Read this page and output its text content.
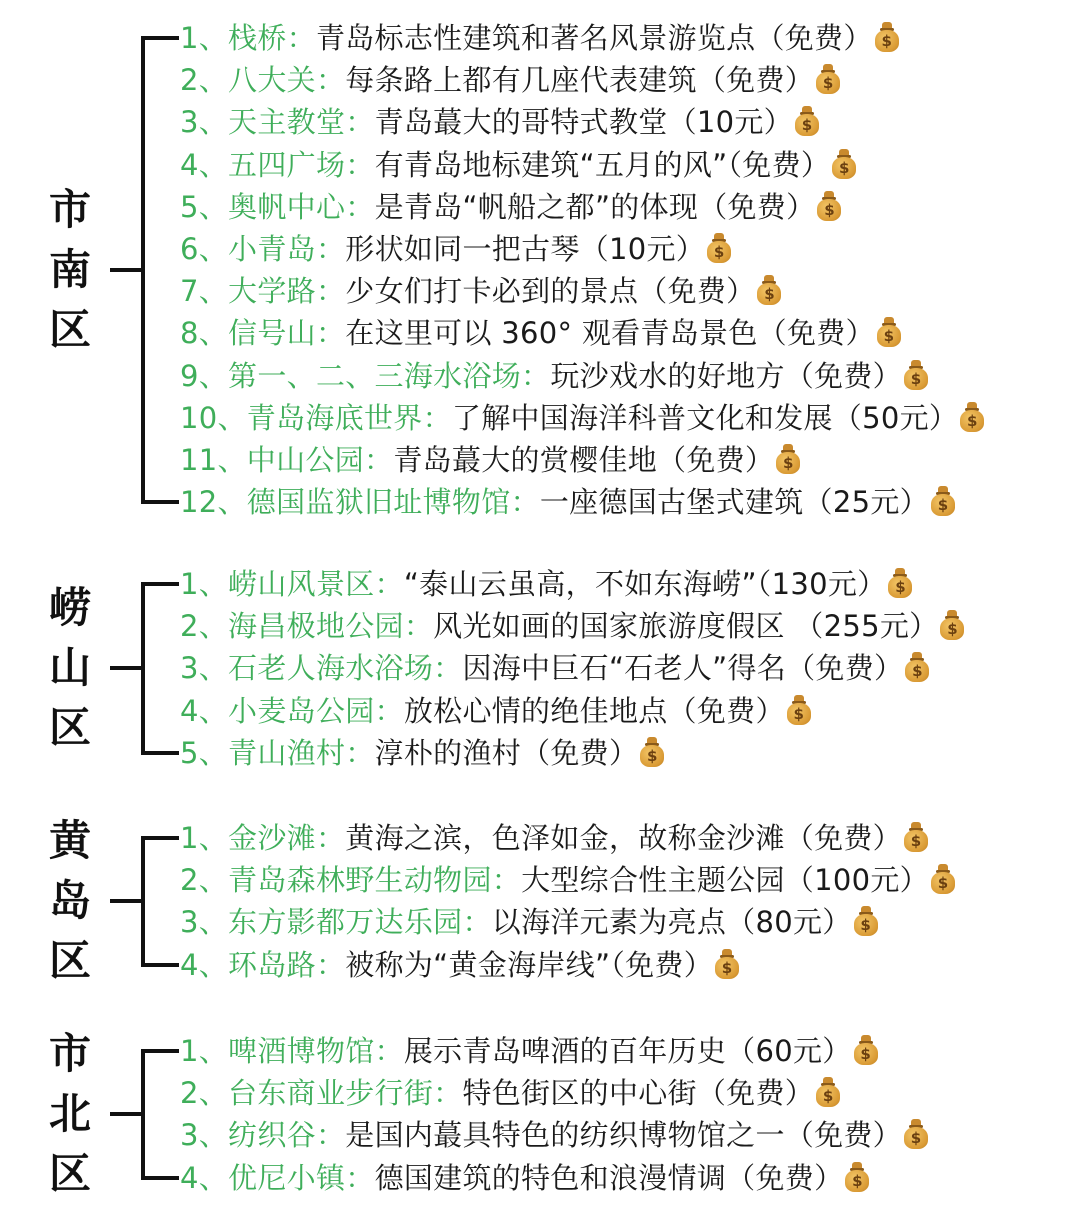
市
南
区
1、栈桥：青岛标志性建筑和著名风景游览点（免费） $
2、八大关：每条路上都有几座代表建筑（免费） $
3、天主教堂：青岛蕞大的哥特式教堂（10元） $
4、五四广场：有青岛地标建筑“五月的风”（免费） $
5、奥帆中心：是青岛“帆船之都”的体现（免费） $
6、小青岛：形状如同一把古琴（10元） $
7、大学路：少女们打卡必到的景点（免费） $
8、信号山：在这里可以 360° 观看青岛景色（免费） $
9、第一、二、三海水浴场：玩沙戏水的好地方（免费） $
10、青岛海底世界：了解中国海洋科普文化和发展（50元） $
11、中山公园：青岛蕞大的赏樱佳地（免费） $
12、德国监狱旧址博物馆：一座德国古堡式建筑（25元） $
崂
山
区
1、崂山风景区：“泰山云虽高，不如东海崂”（130元） $
2、海昌极地公园：风光如画的国家旅游度假区 （255元） $
3、石老人海水浴场：因海中巨石“石老人”得名（免费） $
4、小麦岛公园：放松心情的绝佳地点（免费） $
5、青山渔村：淳朴的渔村（免费） $
黄
岛
区
1、金沙滩：黄海之滨，色泽如金，故称金沙滩（免费） $
2、青岛森林野生动物园：大型综合性主题公园（100元） $
3、东方影都万达乐园：以海洋元素为亮点（80元） $
4、环岛路：被称为“黄金海岸线”（免费） $
市
北
区
1、啤酒博物馆：展示青岛啤酒的百年历史（60元） $
2、台东商业步行街：特色街区的中心街（免费） $
3、纺织谷：是国内蕞具特色的纺织博物馆之一（免费） $
4、优尼小镇：德国建筑的特色和浪漫情调（免费） $
